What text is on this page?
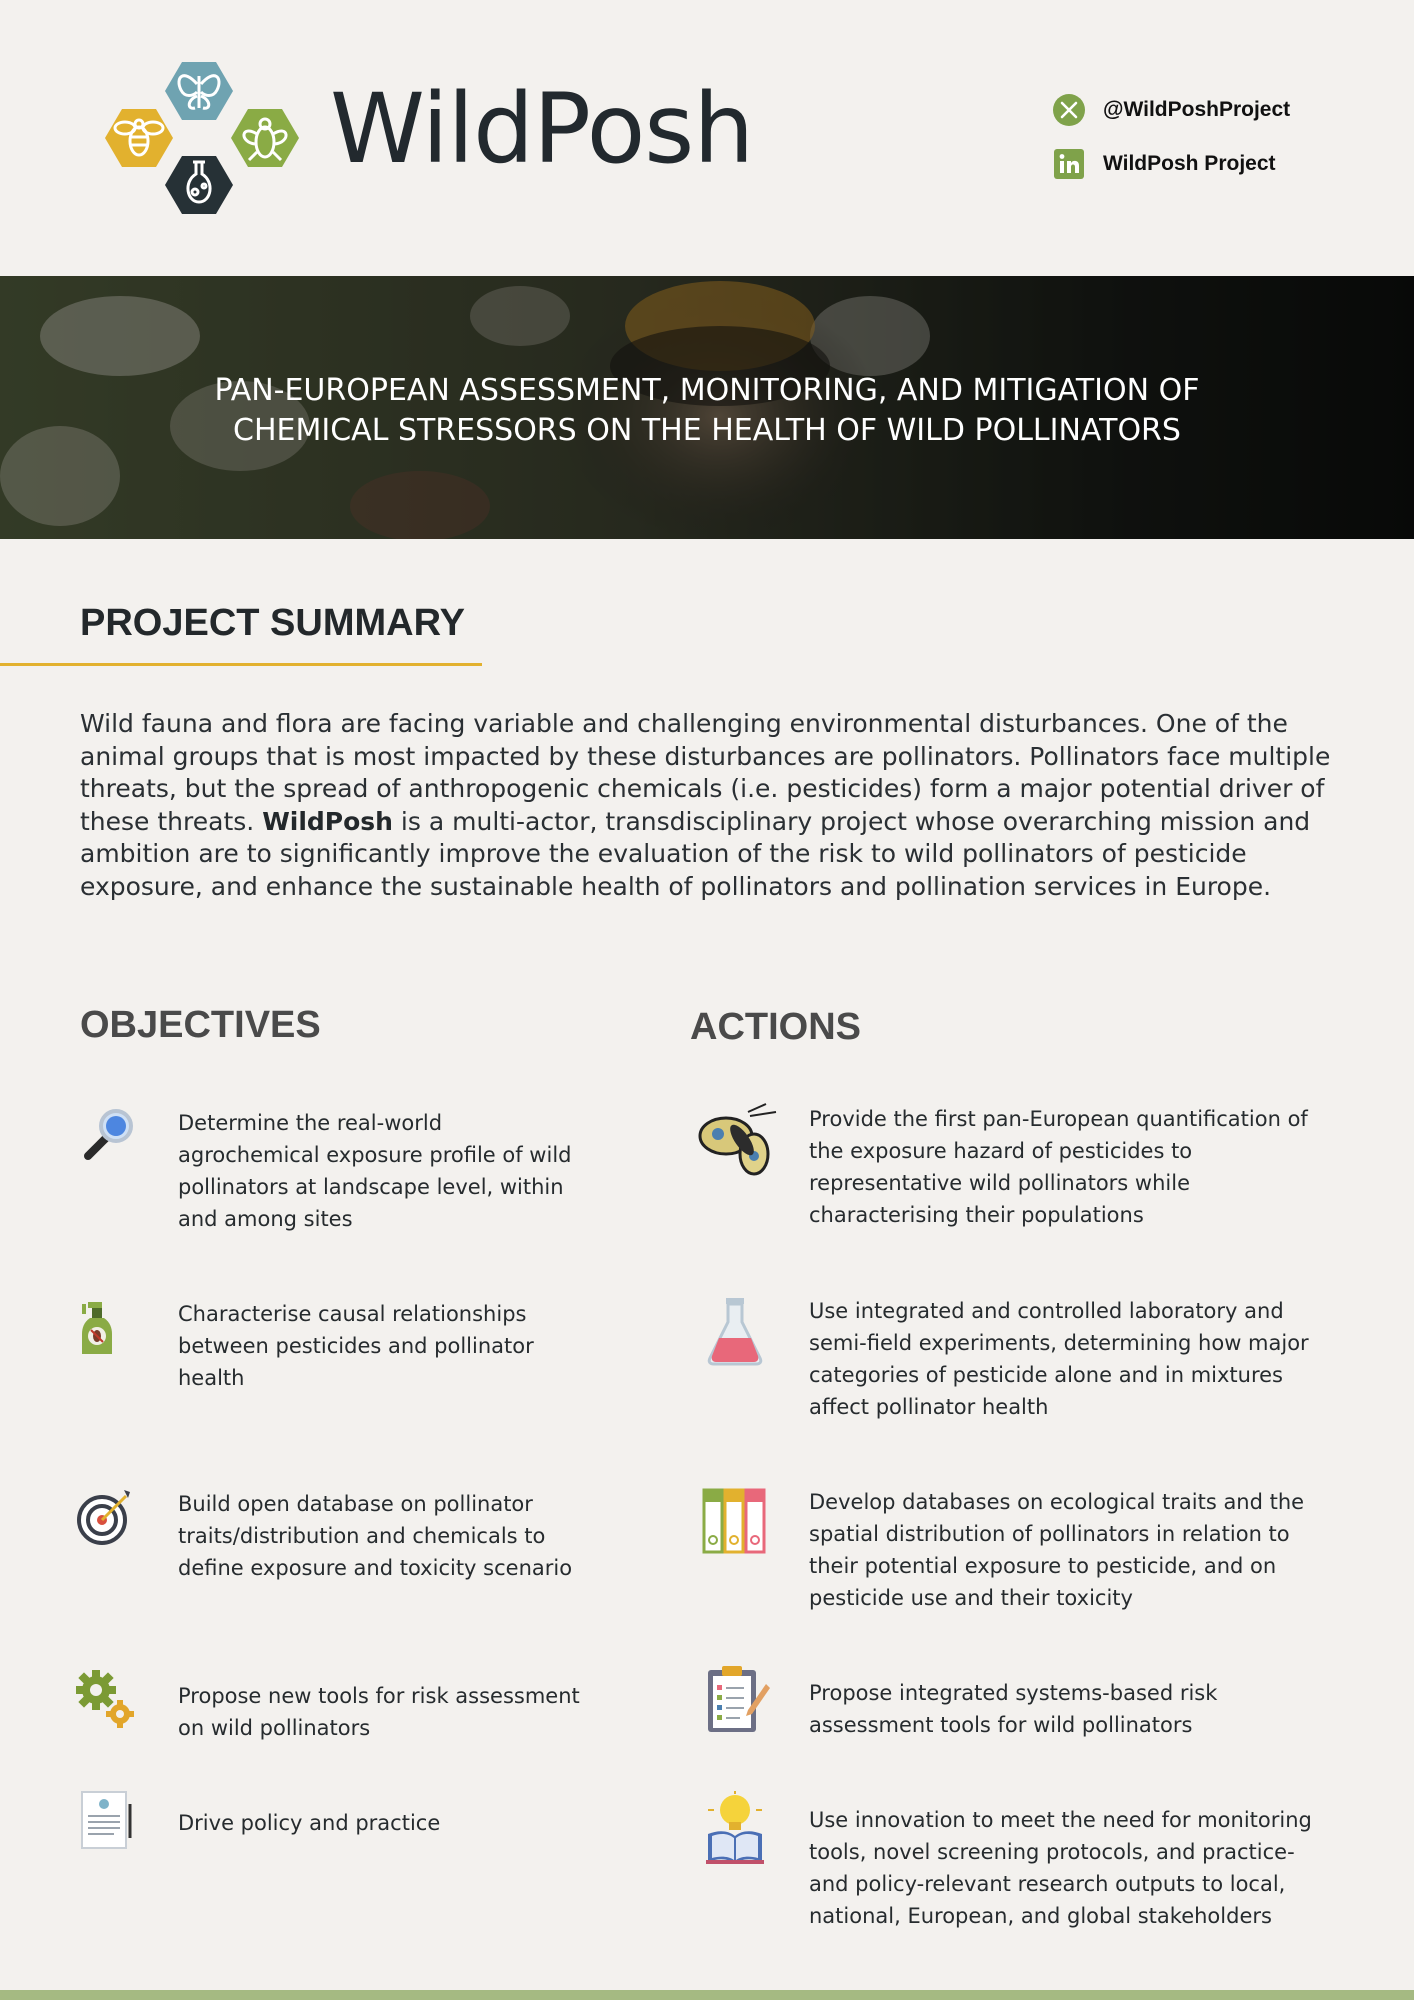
WildPosh	@WildPoshProject
WildPosh Project
PAN-EUROPEAN ASSESSMENT, MONITORING, AND MITIGATION OF
CHEMICAL STRESSORS ON THE HEALTH OF WILD POLLINATORS
PROJECT SUMMARY

Wild fauna and flora are facing variable and challenging environmental disturbances. One of the animal groups that is most impacted by these disturbances are pollinators. Pollinators face multiple threats, but the spread of anthropogenic chemicals (i.e. pesticides) form a major potential driver of these threats. WildPosh is a multi-actor, transdisciplinary project whose overarching mission and ambition are to significantly improve the evaluation of the risk to wild pollinators of pesticide exposure, and enhance the sustainable health of pollinators and pollination services in Europe.

OBJECTIVES
Determine the real-world agrochemical exposure profile of wild pollinators at landscape level, within and among sites
Characterise causal relationships between pesticides and pollinator health
Build open database on pollinator traits/distribution and chemicals to define exposure and toxicity scenario
Propose new tools for risk assessment on wild pollinators
Drive policy and practice
ACTIONS
Provide the first pan-European quantification of the exposure hazard of pesticides to representative wild pollinators while characterising their populations
Use integrated and controlled laboratory and semi-field experiments, determining how major categories of pesticide alone and in mixtures affect pollinator health
Develop databases on ecological traits and the spatial distribution of pollinators in relation to their potential exposure to pesticide, and on pesticide use and their toxicity
Propose integrated systems-based risk assessment tools for wild pollinators
Use innovation to meet the need for monitoring tools, novel screening protocols, and practice- and policy-relevant research outputs to local, national, European, and global stakeholders
